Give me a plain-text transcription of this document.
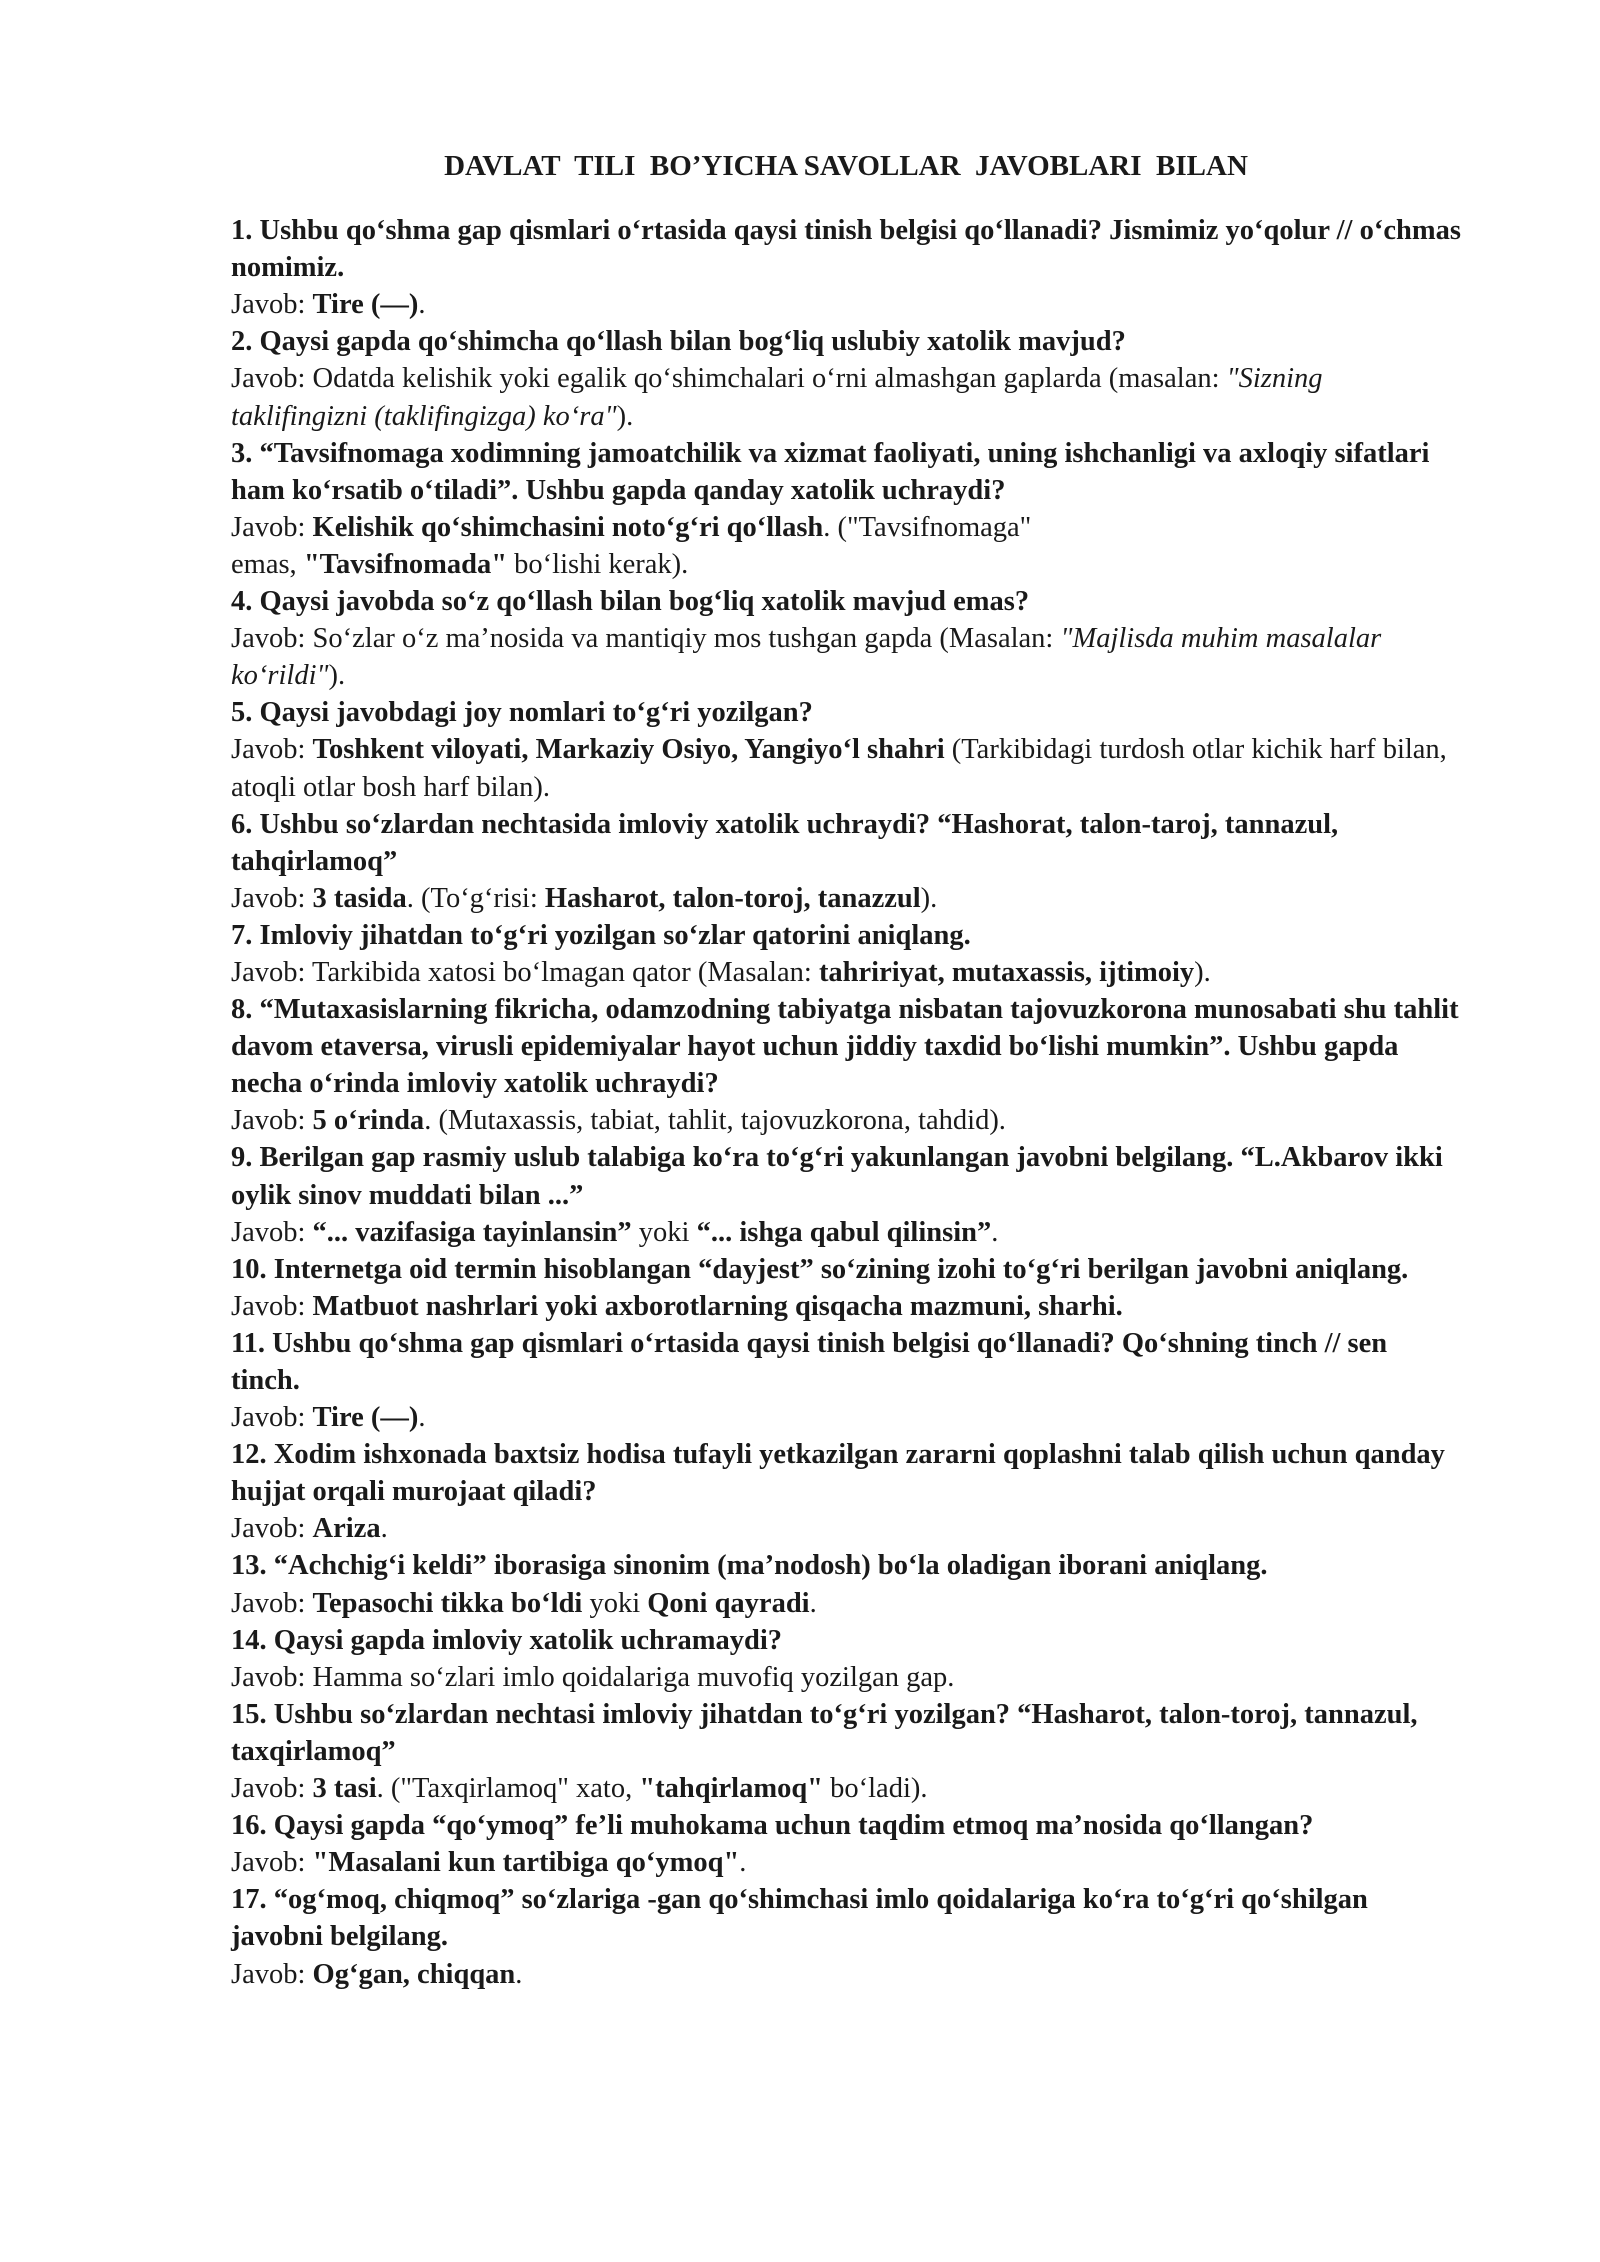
DAVLAT  TILI  BO’YICHA SAVOLLAR  JAVOBLARI  BILAN

1. Ushbu qo‘shma gap qismlari o‘rtasida qaysi tinish belgisi qo‘llanadi? Jismimiz yo‘qolur // o‘chmas nomimiz.

Javob: Tire (—).

2. Qaysi gapda qo‘shimcha qo‘llash bilan bog‘liq uslubiy xatolik mavjud?

Javob: Odatda kelishik yoki egalik qo‘shimchalari o‘rni almashgan gaplarda (masalan: "Sizning taklifingizni (taklifingizga) ko‘ra").

3. “Tavsifnomaga xodimning jamoatchilik va xizmat faoliyati, uning ishchanligi va axloqiy sifatlari ham ko‘rsatib o‘tiladi”. Ushbu gapda qanday xatolik uchraydi?

Javob: Kelishik qo‘shimchasini noto‘g‘ri qo‘llash. ("Tavsifnomaga"
emas, "Tavsifnomada" bo‘lishi kerak).

4. Qaysi javobda so‘z qo‘llash bilan bog‘liq xatolik mavjud emas?

Javob: So‘zlar o‘z ma’nosida va mantiqiy mos tushgan gapda (Masalan: "Majlisda muhim masalalar ko‘rildi").

5. Qaysi javobdagi joy nomlari to‘g‘ri yozilgan?

Javob: Toshkent viloyati, Markaziy Osiyo, Yangiyo‘l shahri (Tarkibidagi turdosh otlar kichik harf bilan, atoqli otlar bosh harf bilan).

6. Ushbu so‘zlardan nechtasida imloviy xatolik uchraydi? “Hashorat, talon-taroj, tannazul, tahqirlamoq”

Javob: 3 tasida. (To‘g‘risi: Hasharot, talon-toroj, tanazzul).

7. Imloviy jihatdan to‘g‘ri yozilgan so‘zlar qatorini aniqlang.

Javob: Tarkibida xatosi bo‘lmagan qator (Masalan: tahririyat, mutaxassis, ijtimoiy).

8. “Mutaxasislarning fikricha, odamzodning tabiyatga nisbatan tajovuzkorona munosabati shu tahlit davom etaversa, virusli epidemiyalar hayot uchun jiddiy taxdid bo‘lishi mumkin”. Ushbu gapda necha o‘rinda imloviy xatolik uchraydi?

Javob: 5 o‘rinda. (Mutaxassis, tabiat, tahlit, tajovuzkorona, tahdid).

9. Berilgan gap rasmiy uslub talabiga ko‘ra to‘g‘ri yakunlangan javobni belgilang. “L.Akbarov ikki oylik sinov muddati bilan ...”

Javob: “... vazifasiga tayinlansin” yoki “... ishga qabul qilinsin”.

10. Internetga oid termin hisoblangan “dayjest” so‘zining izohi to‘g‘ri berilgan javobni aniqlang.

Javob: Matbuot nashrlari yoki axborotlarning qisqacha mazmuni, sharhi.

11. Ushbu qo‘shma gap qismlari o‘rtasida qaysi tinish belgisi qo‘llanadi? Qo‘shning tinch // sen tinch.

Javob: Tire (—).

12. Xodim ishxonada baxtsiz hodisa tufayli yetkazilgan zararni qoplashni talab qilish uchun qanday hujjat orqali murojaat qiladi?

Javob: Ariza.

13. “Achchig‘i keldi” iborasiga sinonim (ma’nodosh) bo‘la oladigan iborani aniqlang.

Javob: Tepasochi tikka bo‘ldi yoki Qoni qayradi.

14. Qaysi gapda imloviy xatolik uchramaydi?

Javob: Hamma so‘zlari imlo qoidalariga muvofiq yozilgan gap.

15. Ushbu so‘zlardan nechtasi imloviy jihatdan to‘g‘ri yozilgan? “Hasharot, talon-toroj, tannazul, taxqirlamoq”

Javob: 3 tasi. ("Taxqirlamoq" xato, "tahqirlamoq" bo‘ladi).

16. Qaysi gapda “qo‘ymoq” fe’li muhokama uchun taqdim etmoq ma’nosida qo‘llangan?

Javob: "Masalani kun tartibiga qo‘ymoq".

17. “og‘moq, chiqmoq” so‘zlariga -gan qo‘shimchasi imlo qoidalariga ko‘ra to‘g‘ri qo‘shilgan javobni belgilang.

Javob: Og‘gan, chiqqan.
